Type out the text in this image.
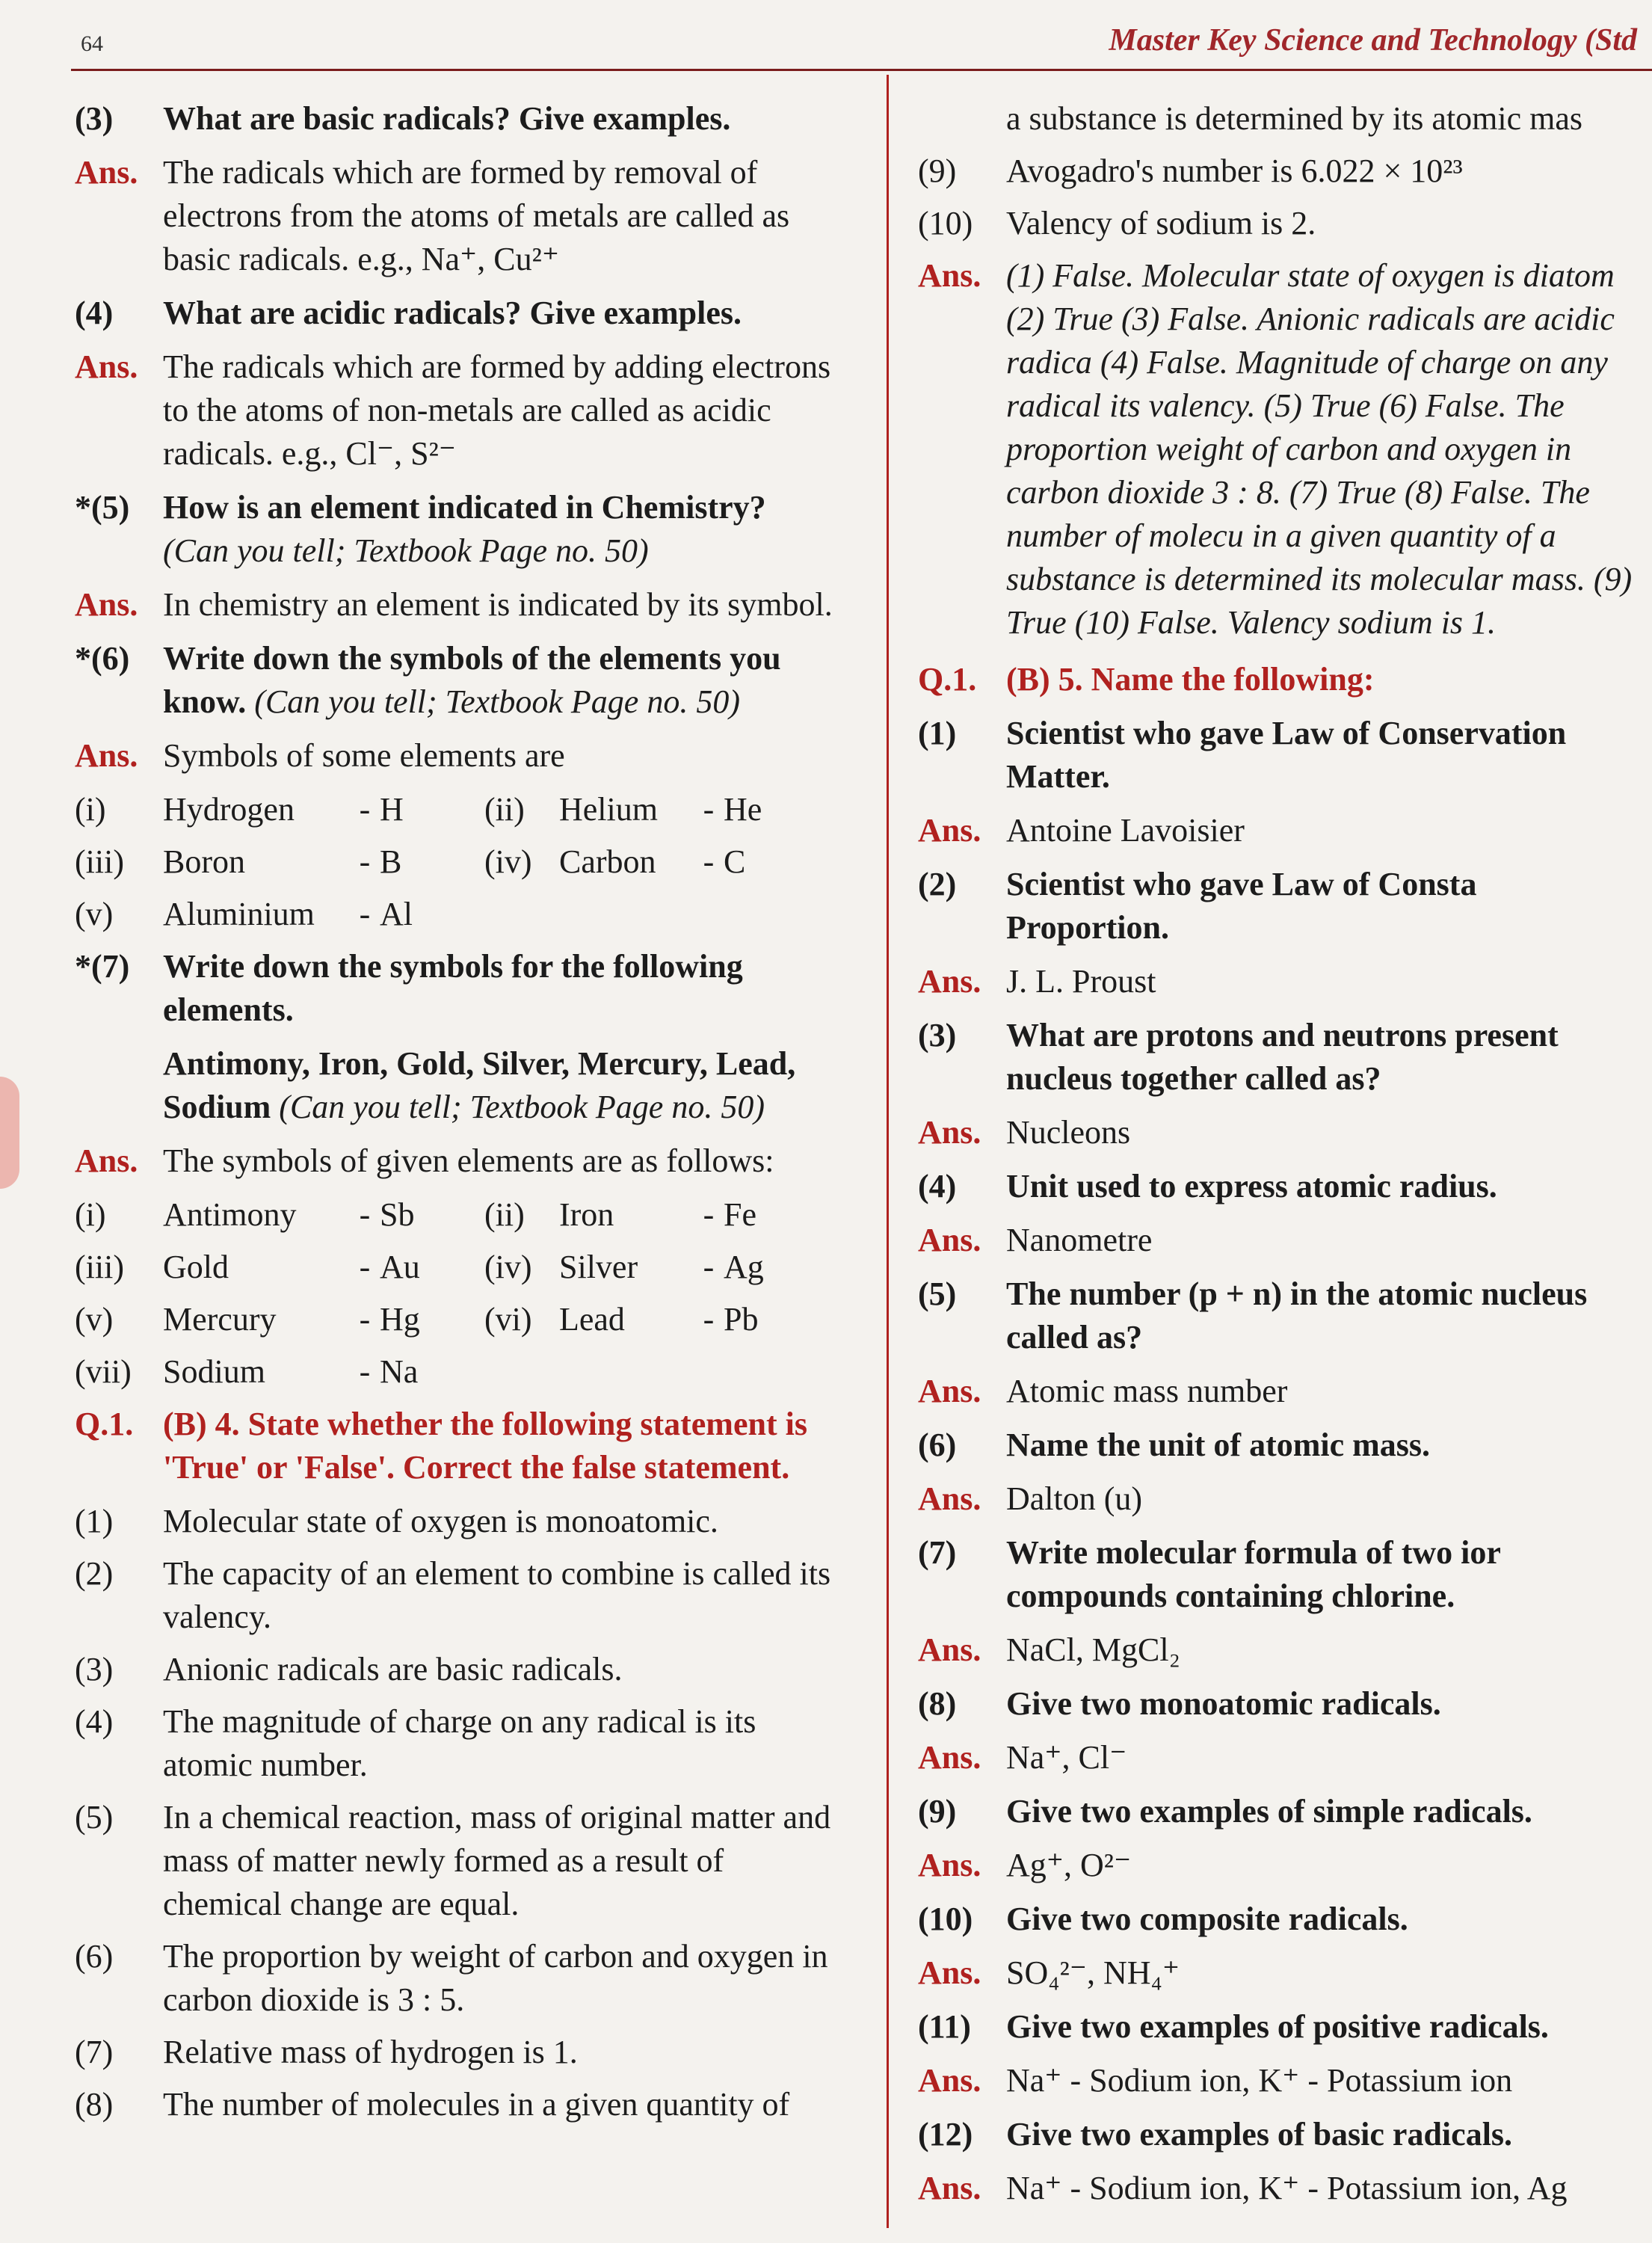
64	Master Key Science and Technology (Std
(3)	What are basic radicals? Give examples.
Ans. The radicals which are formed by removal of electrons from the atoms of metals are called as basic radicals. e.g., Na⁺, Cu²⁺
(4)	What are acidic radicals? Give examples.
Ans. The radicals which are formed by adding electrons to the atoms of non-metals are called as acidic radicals. e.g., Cl⁻, S²⁻
*(5)	How is an element indicated in Chemistry?
(Can you tell; Textbook Page no. 50)
Ans. In chemistry an element is indicated by its symbol.
*(6)	Write down the symbols of the elements you know. (Can you tell; Textbook Page no. 50)
Ans. Symbols of some elements are
(i)	Hydrogen	- H	(ii)	Helium	- He
(iii)	Boron	- B	(iv) Carbon	- C
(v)	Aluminium	- Al
*(7)	Write down the symbols for the following elements.
Antimony, Iron, Gold, Silver, Mercury, Lead, Sodium (Can you tell; Textbook Page no. 50)
Ans. The symbols of given elements are as follows:
(i)	Antimony	- Sb	(ii)	Iron	- Fe
(iii)	Gold	- Au	(iv) Silver	- Ag
(v)	Mercury	- Hg	(vi) Lead	- Pb
(vii) Sodium	- Na
Q.1. (B) 4. State whether the following statement is 'True' or 'False'. Correct the false statement.
(1)	Molecular state of oxygen is monoatomic.
(2)	The capacity of an element to combine is called its valency.
(3)	Anionic radicals are basic radicals.
(4)	The magnitude of charge on any radical is its atomic number.
(5)	In a chemical reaction, mass of original matter and mass of matter newly formed as a result of chemical change are equal.
(6)	The proportion by weight of carbon and oxygen in carbon dioxide is 3 : 5.
(7)	Relative mass of hydrogen is 1.
(8)	The number of molecules in a given quantity of
a substance is determined by its atomic mas
(9)	Avogadro's number is 6.022 × 10²³
(10)	Valency of sodium is 2.
Ans. (1) False. Molecular state of oxygen is diatom (2) True (3) False. Anionic radicals are acidic radica (4) False. Magnitude of charge on any radical its valency. (5) True (6) False. The proportion weight of carbon and oxygen in carbon dioxide 3 : 8. (7) True (8) False. The number of molecu in a given quantity of a substance is determined its molecular mass. (9) True (10) False. Valency sodium is 1.
Q.1. (B) 5. Name the following:
(1)	Scientist who gave Law of Conservation Matter.
Ans. Antoine Lavoisier
(2)	Scientist who gave Law of Consta Proportion.
Ans. J. L. Proust
(3)	What are protons and neutrons present nucleus together called as?
Ans. Nucleons
(4)	Unit used to express atomic radius.
Ans. Nanometre
(5)	The number (p + n) in the atomic nucleus called as?
Ans. Atomic mass number
(6)	Name the unit of atomic mass.
Ans. Dalton (u)
(7)	Write molecular formula of two ior compounds containing chlorine.
Ans. NaCl, MgCl₂
(8)	Give two monoatomic radicals.
Ans. Na⁺, Cl⁻
(9)	Give two examples of simple radicals.
Ans. Ag⁺, O²⁻
(10)	Give two composite radicals.
Ans. SO₄²⁻, NH₄⁺
(11)	Give two examples of positive radicals.
Ans. Na⁺ - Sodium ion, K⁺ - Potassium ion
(12)	Give two examples of basic radicals.
Ans. Na⁺ - Sodium ion, K⁺ - Potassium ion, Ag
